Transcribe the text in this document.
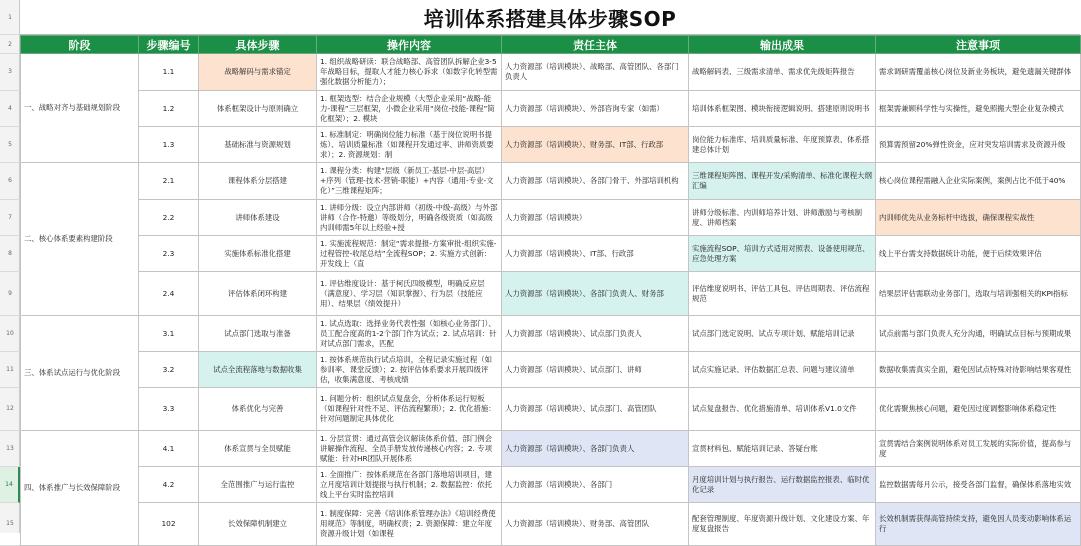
1
2
3
4
5
6
7
8
9
10
11
12
13
14
15
培训体系搭建具体步骤SOP
阶段	步骤编号	具体步骤	操作内容	责任主体	输出成果	注意事项
一、战略对齐与基础规划阶段	1.1	战略解码与需求锚定	1. 组织战略研读：联合战略部、高管团队拆解企业3-5年战略目标，提取人才能力核心诉求（如数字化转型需强化数据分析能力）；	人力资源部（培训模块）、战略部、高管团队、各部门负责人	战略解码表、三级需求清单、需求优先级矩阵报告	需求调研需覆盖核心岗位及新业务板块，避免遗漏关键群体

	1.2	体系框架设计与原则确立	1. 框架选型：结合企业规模（大型企业采用“战略-能力-课程”三层框架，小微企业采用“岗位-技能-课程”简化框架）；2. 模块	人力资源部（培训模块）、外部咨询专家（如需）	培训体系框架图、模块衔接逻辑说明、搭建原则说明书	框架需兼顾科学性与实操性，避免照搬大型企业复杂模式

	1.3	基础标准与资源规划	1. 标准制定：明确岗位能力标准（基于岗位说明书提炼）、培训质量标准（如课程开发通过率、讲师资质要求）；2. 资源规划：制	人力资源部（培训模块）、财务部、IT部、行政部	岗位能力标准库、培训质量标准、年度预算表、体系搭建总体计划	预算需预留20%弹性资金，应对突发培训需求及资源升级

二、核心体系要素构建阶段	2.1	课程体系分层搭建	1. 课程分类：构建“层级（新员工-基层-中层-高层）+序列（管理-技术-营销-职能）+内容（通用-专业-文化）”三维课程矩阵；	人力资源部（培训模块）、各部门骨干、外部培训机构	三维课程矩阵图、课程开发/采购清单、标准化课程大纲汇编	核心岗位课程需融入企业实际案例，案例占比不低于40%

	2.2	讲师体系建设	1. 讲师分级：设立内部讲师（初级-中级-高级）与外部讲师（合作-特邀）等级划分，明确各级资质（如高级内训师需5年以上经验+授	人力资源部（培训模块）	讲师分级标准、内训师培养计划、讲师激励与考核制度、讲师档案	内训师优先从业务标杆中选拔，确保课程实战性

	2.3	实施体系标准化搭建	1. 实施流程规范：制定“需求提报-方案审批-组织实施-过程管控-收尾总结”全流程SOP；2. 实施方式创新：开发线上（直	人力资源部（培训模块）、IT部、行政部	实施流程SOP、培训方式适用对照表、设备使用规范、应急处理方案	线上平台需支持数据统计功能，便于后续效果评估

	2.4	评估体系闭环构建	1. 评估维度设计：基于柯氏四级模型，明确反应层（满意度）、学习层（知识掌握）、行为层（技能应用）、结果层（绩效提升）	人力资源部（培训模块）、各部门负责人、财务部	评估维度说明书、评估工具包、评估周期表、评估流程规范	结果层评估需联动业务部门，选取与培训强相关的KPI指标

三、体系试点运行与优化阶段	3.1	试点部门选取与准备	1. 试点选取：选择业务代表性强（如核心业务部门）、员工配合度高的1-2个部门作为试点；2. 试点培训：针对试点部门需求，匹配	人力资源部（培训模块）、试点部门负责人	试点部门选定说明、试点专项计划、赋能培训记录	试点前需与部门负责人充分沟通，明确试点目标与预期成果

	3.2	试点全流程落地与数据收集	1. 按体系规范执行试点培训，全程记录实施过程（如参训率、课堂反馈）；2. 按评估体系要求开展四级评估，收集满意度、考核成绩	人力资源部（培训模块）、试点部门、讲师	试点实施记录、评估数据汇总表、问题与建议清单	数据收集需真实全面，避免因试点特殊对待影响结果客观性

	3.3	体系优化与完善	1. 问题分析：组织试点复盘会，分析体系运行短板（如课程针对性不足、评估流程繁琐）；2. 优化措施：针对问题制定具体优化	人力资源部（培训模块）、试点部门、高管团队	试点复盘报告、优化措施清单、培训体系V1.0文件	优化需聚焦核心问题，避免因过度调整影响体系稳定性

四、体系推广与长效保障阶段	4.1	体系宣贯与全员赋能	1. 分层宣贯：通过高管会议解读体系价值、部门例会讲解操作流程、全员手册发放传递核心内容；2. 专项赋能：针对HR团队开展体系	人力资源部（培训模块）、各部门负责人	宣贯材料包、赋能培训记录、答疑台账	宣贯需结合案例说明体系对员工发展的实际价值，提高参与度

	4.2	全范围推广与运行监控	1. 全面推广：按体系规范在各部门落地培训项目，建立月度培训计划提报与执行机制；2. 数据监控：依托线上平台实时监控培训	人力资源部（培训模块）、各部门	月度培训计划与执行报告、运行数据监控报表、临时优化记录	监控数据需每月公示，接受各部门监督，确保体系落地实效

	102	长效保障机制建立	1. 制度保障：完善《培训体系管理办法》《培训经费使用规范》等制度，明确权责；2. 资源保障：建立年度资源升级计划（如课程	人力资源部（培训模块）、财务部、高管团队	配套管理制度、年度资源升级计划、文化建设方案、年度复盘报告	长效机制需获得高管持续支持，避免因人员变动影响体系运行
